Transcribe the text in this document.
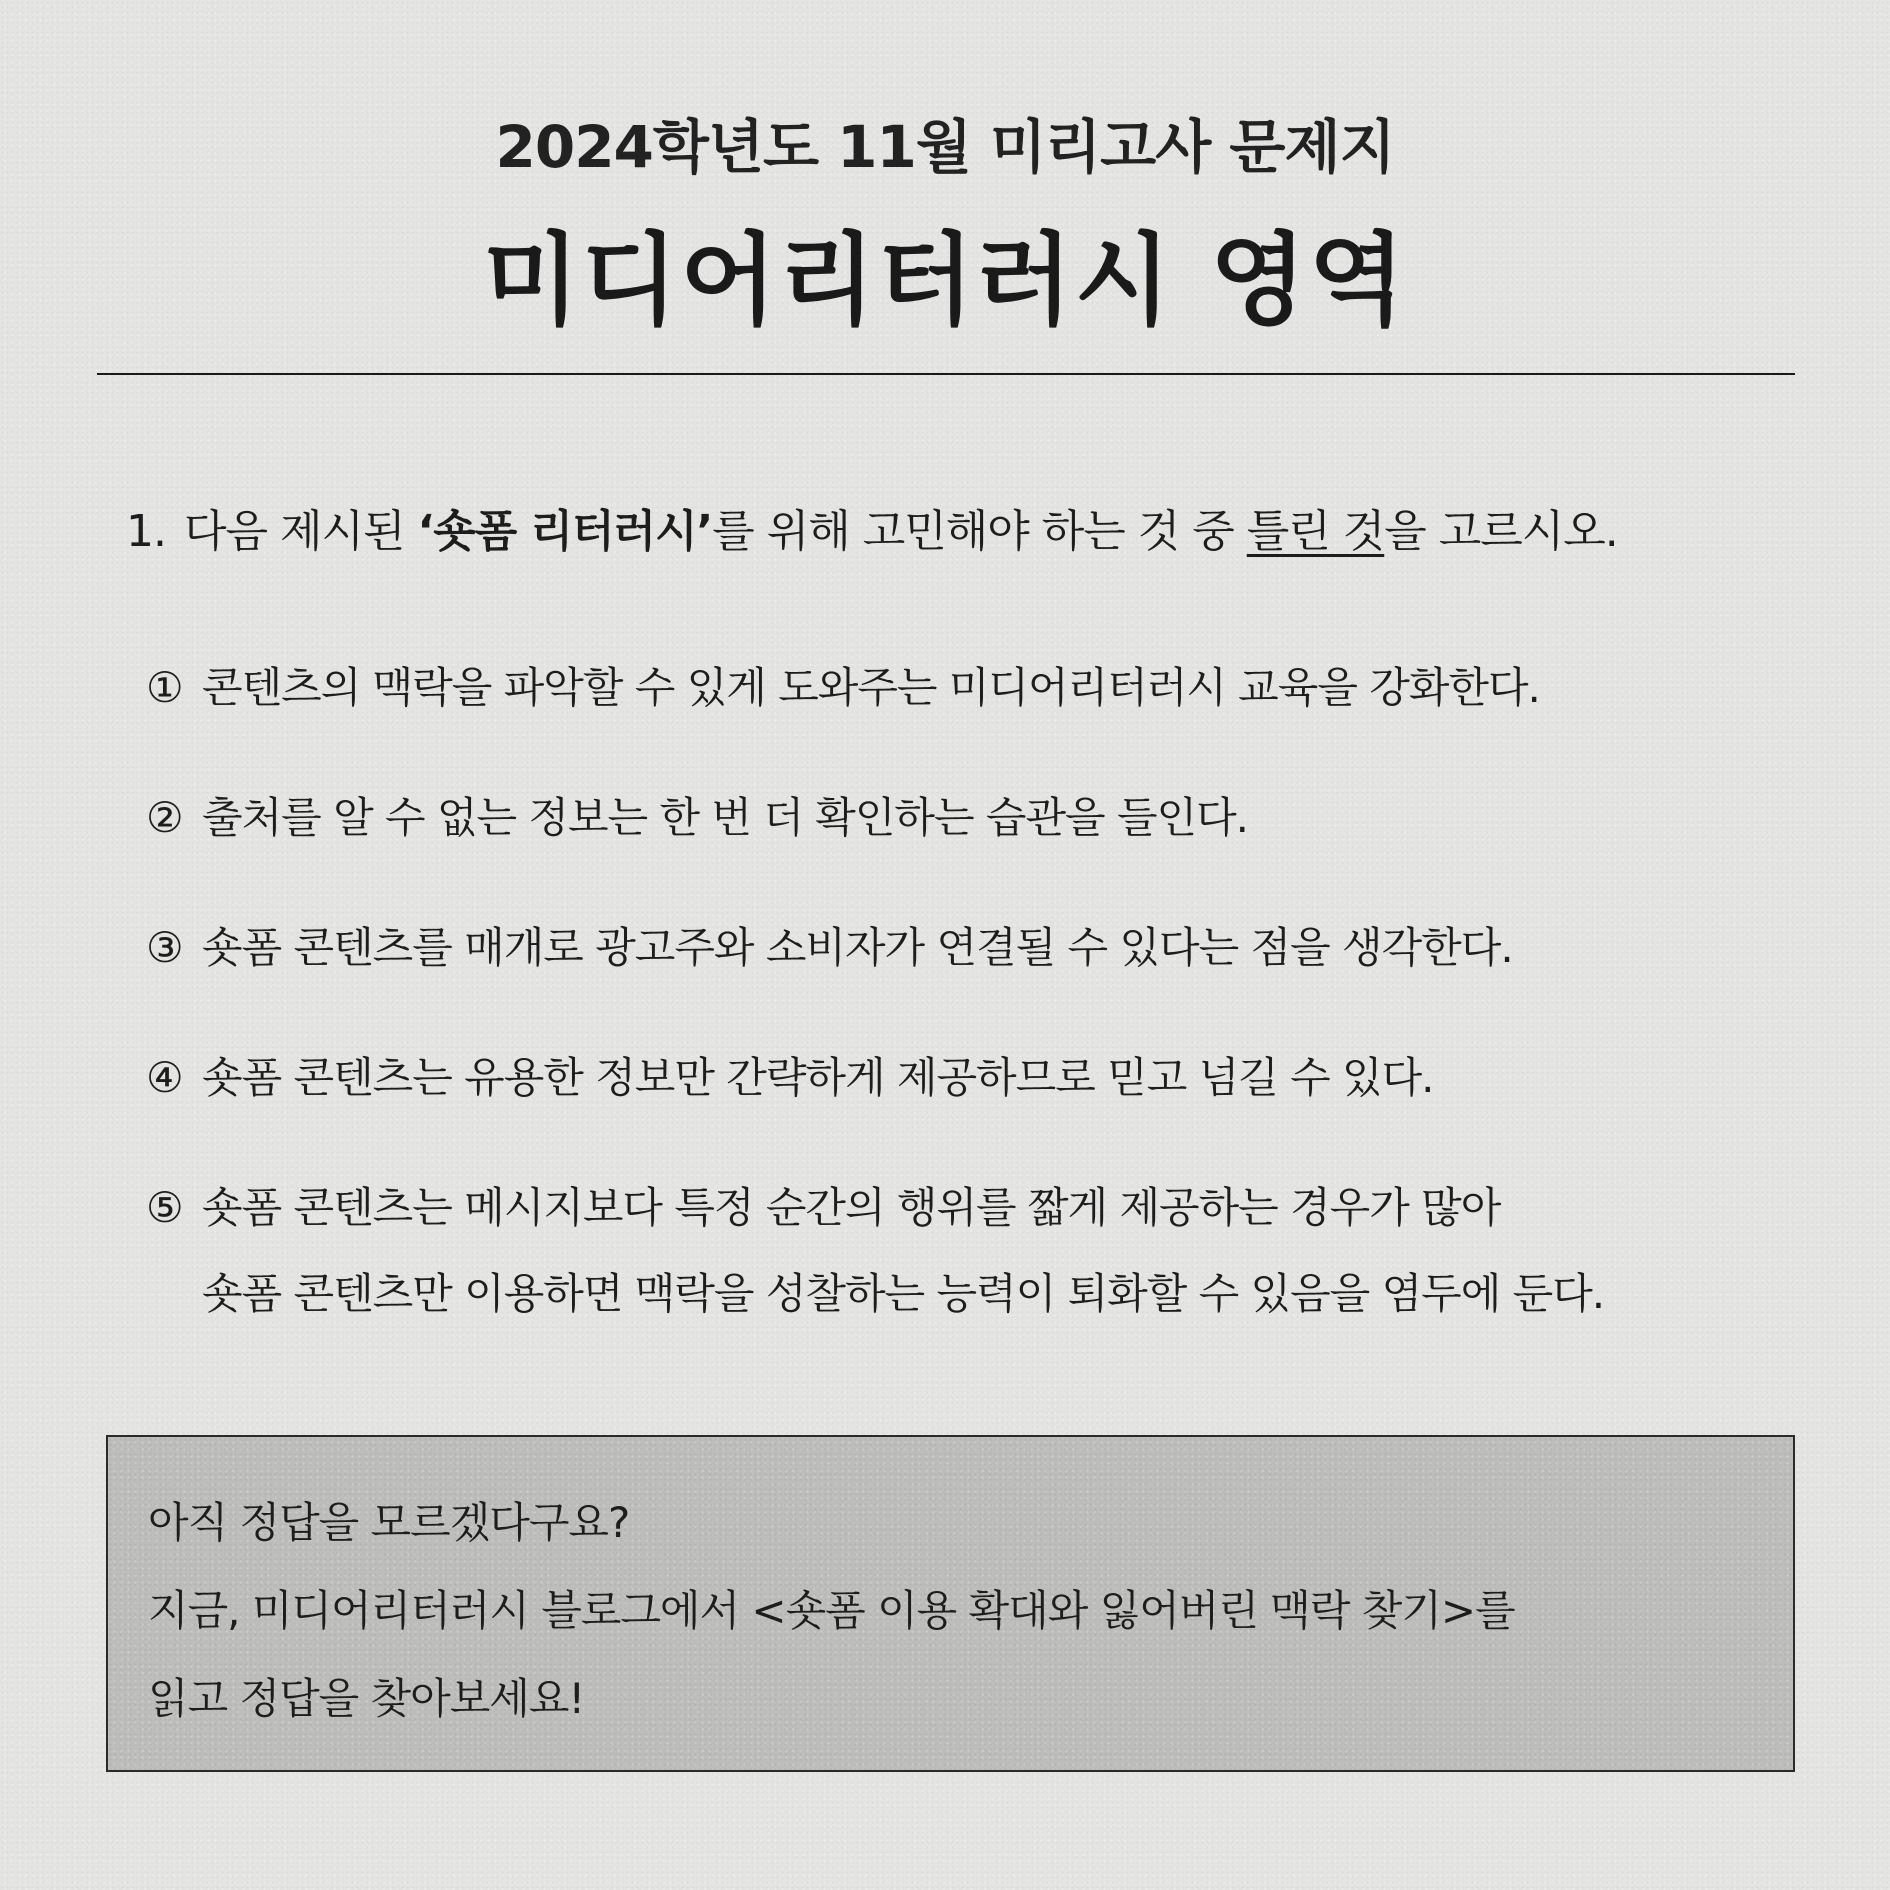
2024학년도 11월 미리고사 문제지
미디어리터러시 영역
1. 다음 제시된 ‘숏폼 리터러시’를 위해 고민해야 하는 것 중 틀린 것을 고르시오.
① 콘텐츠의 맥락을 파악할 수 있게 도와주는 미디어리터러시 교육을 강화한다.
② 출처를 알 수 없는 정보는 한 번 더 확인하는 습관을 들인다.
③ 숏폼 콘텐츠를 매개로 광고주와 소비자가 연결될 수 있다는 점을 생각한다.
④ 숏폼 콘텐츠는 유용한 정보만 간략하게 제공하므로 믿고 넘길 수 있다.
⑤ 숏폼 콘텐츠는 메시지보다 특정 순간의 행위를 짧게 제공하는 경우가 많아
숏폼 콘텐츠만 이용하면 맥락을 성찰하는 능력이 퇴화할 수 있음을 염두에 둔다.
아직 정답을 모르겠다구요?
지금, 미디어리터러시 블로그에서 <숏폼 이용 확대와 잃어버린 맥락 찾기>를
읽고 정답을 찾아보세요!
